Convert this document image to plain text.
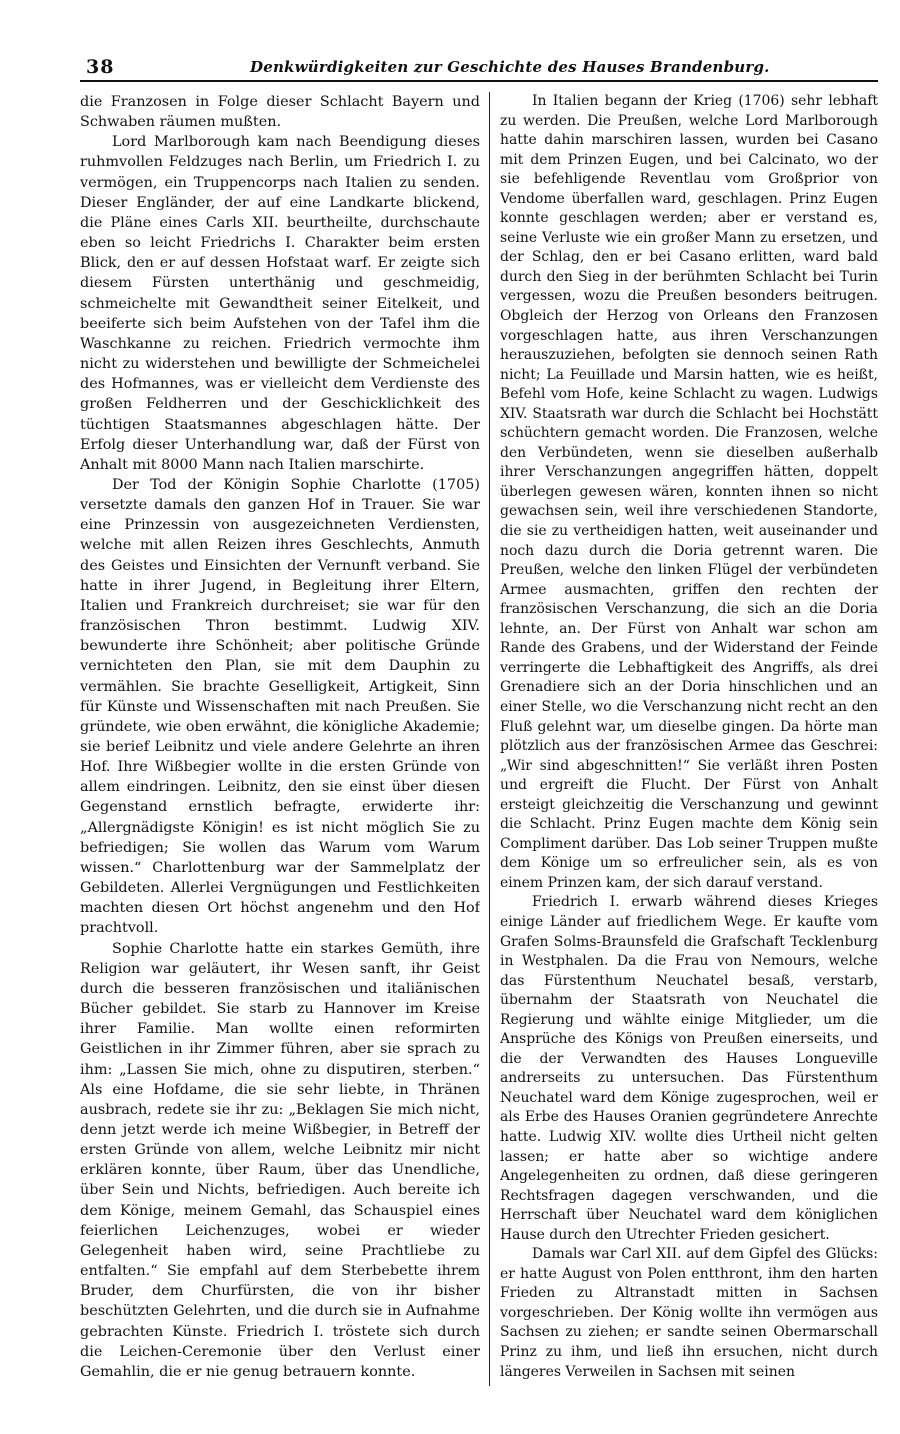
38	Denkwürdigkeiten zur Geschichte des Hauses Brandenburg.

die Franzosen in Folge dieser Schlacht Bayern und Schwaben räumen mußten.

Lord Marlborough kam nach Beendigung dieses ruhmvollen Feldzuges nach Berlin, um Friedrich I. zu vermögen, ein Truppencorps nach Italien zu senden. Dieser Engländer, der auf eine Landkarte blickend, die Pläne eines Carls XII. beurtheilte, durchschaute eben so leicht Friedrichs I. Charakter beim ersten Blick, den er auf dessen Hofstaat warf. Er zeigte sich diesem Fürsten unterthänig und geschmeidig, schmeichelte mit Gewandtheit seiner Eitelkeit, und beeiferte sich beim Aufstehen von der Tafel ihm die Waschkanne zu reichen. Friedrich vermochte ihm nicht zu widerstehen und bewilligte der Schmeichelei des Hofmannes, was er vielleicht dem Verdienste des großen Feldherren und der Geschicklichkeit des tüchtigen Staatsmannes abgeschlagen hätte. Der Erfolg dieser Unterhandlung war, daß der Fürst von Anhalt mit 8000 Mann nach Italien marschirte.

Der Tod der Königin Sophie Charlotte (1705) versetzte damals den ganzen Hof in Trauer. Sie war eine Prinzessin von ausgezeichneten Verdiensten, welche mit allen Reizen ihres Geschlechts, Anmuth des Geistes und Einsichten der Vernunft verband. Sie hatte in ihrer Jugend, in Begleitung ihrer Eltern, Italien und Frankreich durchreiset; sie war für den französischen Thron bestimmt. Ludwig XIV. bewunderte ihre Schönheit; aber politische Gründe vernichteten den Plan, sie mit dem Dauphin zu vermählen. Sie brachte Geselligkeit, Artigkeit, Sinn für Künste und Wissenschaften mit nach Preußen. Sie gründete, wie oben erwähnt, die königliche Akademie; sie berief Leibnitz und viele andere Gelehrte an ihren Hof. Ihre Wißbegier wollte in die ersten Gründe von allem eindringen. Leibnitz, den sie einst über diesen Gegenstand ernstlich befragte, erwiderte ihr: „Allergnädigste Königin! es ist nicht möglich Sie zu befriedigen; Sie wollen das Warum vom Warum wissen.“ Charlottenburg war der Sammelplatz der Gebildeten. Allerlei Vergnügungen und Festlichkeiten machten diesen Ort höchst angenehm und den Hof prachtvoll.

Sophie Charlotte hatte ein starkes Gemüth, ihre Religion war geläutert, ihr Wesen sanft, ihr Geist durch die besseren französischen und italiänischen Bücher gebildet. Sie starb zu Hannover im Kreise ihrer Familie. Man wollte einen reformirten Geistlichen in ihr Zimmer führen, aber sie sprach zu ihm: „Lassen Sie mich, ohne zu disputiren, sterben.“ Als eine Hofdame, die sie sehr liebte, in Thränen ausbrach, redete sie ihr zu: „Beklagen Sie mich nicht, denn jetzt werde ich meine Wißbegier, in Betreff der ersten Gründe von allem, welche Leibnitz mir nicht erklären konnte, über Raum, über das Unendliche, über Sein und Nichts, befriedigen. Auch bereite ich dem Könige, meinem Gemahl, das Schauspiel eines feierlichen Leichenzuges, wobei er wieder Gelegenheit haben wird, seine Prachtliebe zu entfalten.“ Sie empfahl auf dem Sterbebette ihrem Bruder, dem Churfürsten, die von ihr bisher beschützten Gelehrten, und die durch sie in Aufnahme gebrachten Künste. Friedrich I. tröstete sich durch die Leichen-Ceremonie über den Verlust einer Gemahlin, die er nie genug betrauern konnte.

In Italien begann der Krieg (1706) sehr lebhaft zu werden. Die Preußen, welche Lord Marlborough hatte dahin marschiren lassen, wurden bei Casano mit dem Prinzen Eugen, und bei Calcinato, wo der sie befehligende Reventlau vom Großprior von Vendome überfallen ward, geschlagen. Prinz Eugen konnte geschlagen werden; aber er verstand es, seine Verluste wie ein großer Mann zu ersetzen, und der Schlag, den er bei Casano erlitten, ward bald durch den Sieg in der berühmten Schlacht bei Turin vergessen, wozu die Preußen besonders beitrugen. Obgleich der Herzog von Orleans den Franzosen vorgeschlagen hatte, aus ihren Verschanzungen herauszuziehen, befolgten sie dennoch seinen Rath nicht; La Feuillade und Marsin hatten, wie es heißt, Befehl vom Hofe, keine Schlacht zu wagen. Ludwigs XIV. Staatsrath war durch die Schlacht bei Hochstätt schüchtern gemacht worden. Die Franzosen, welche den Verbündeten, wenn sie dieselben außerhalb ihrer Verschanzungen angegriffen hätten, doppelt überlegen gewesen wären, konnten ihnen so nicht gewachsen sein, weil ihre verschiedenen Standorte, die sie zu vertheidigen hatten, weit auseinander und noch dazu durch die Doria getrennt waren. Die Preußen, welche den linken Flügel der verbündeten Armee ausmachten, griffen den rechten der französischen Verschanzung, die sich an die Doria lehnte, an. Der Fürst von Anhalt war schon am Rande des Grabens, und der Widerstand der Feinde verringerte die Lebhaftigkeit des Angriffs, als drei Grenadiere sich an der Doria hinschlichen und an einer Stelle, wo die Verschanzung nicht recht an den Fluß gelehnt war, um dieselbe gingen. Da hörte man plötzlich aus der französischen Armee das Geschrei: „Wir sind abgeschnitten!“ Sie verläßt ihren Posten und ergreift die Flucht. Der Fürst von Anhalt ersteigt gleichzeitig die Verschanzung und gewinnt die Schlacht. Prinz Eugen machte dem König sein Compliment darüber. Das Lob seiner Truppen mußte dem Könige um so erfreulicher sein, als es von einem Prinzen kam, der sich darauf verstand.

Friedrich I. erwarb während dieses Krieges einige Länder auf friedlichem Wege. Er kaufte vom Grafen Solms-Braunsfeld die Grafschaft Tecklenburg in Westphalen. Da die Frau von Nemours, welche das Fürstenthum Neuchatel besaß, verstarb, übernahm der Staatsrath von Neuchatel die Regierung und wählte einige Mitglieder, um die Ansprüche des Königs von Preußen einerseits, und die der Verwandten des Hauses Longueville andrerseits zu untersuchen. Das Fürstenthum Neuchatel ward dem Könige zugesprochen, weil er als Erbe des Hauses Oranien gegründetere Anrechte hatte. Ludwig XIV. wollte dies Urtheil nicht gelten lassen; er hatte aber so wichtige andere Angelegenheiten zu ordnen, daß diese geringeren Rechtsfragen dagegen verschwanden, und die Herrschaft über Neuchatel ward dem königlichen Hause durch den Utrechter Frieden gesichert.

Damals war Carl XII. auf dem Gipfel des Glücks: er hatte August von Polen entthront, ihm den harten Frieden zu Altranstadt mitten in Sachsen vorgeschrieben. Der König wollte ihn vermögen aus Sachsen zu ziehen; er sandte seinen Obermarschall Prinz zu ihm, und ließ ihn ersuchen, nicht durch längeres Verweilen in Sachsen mit seinen
